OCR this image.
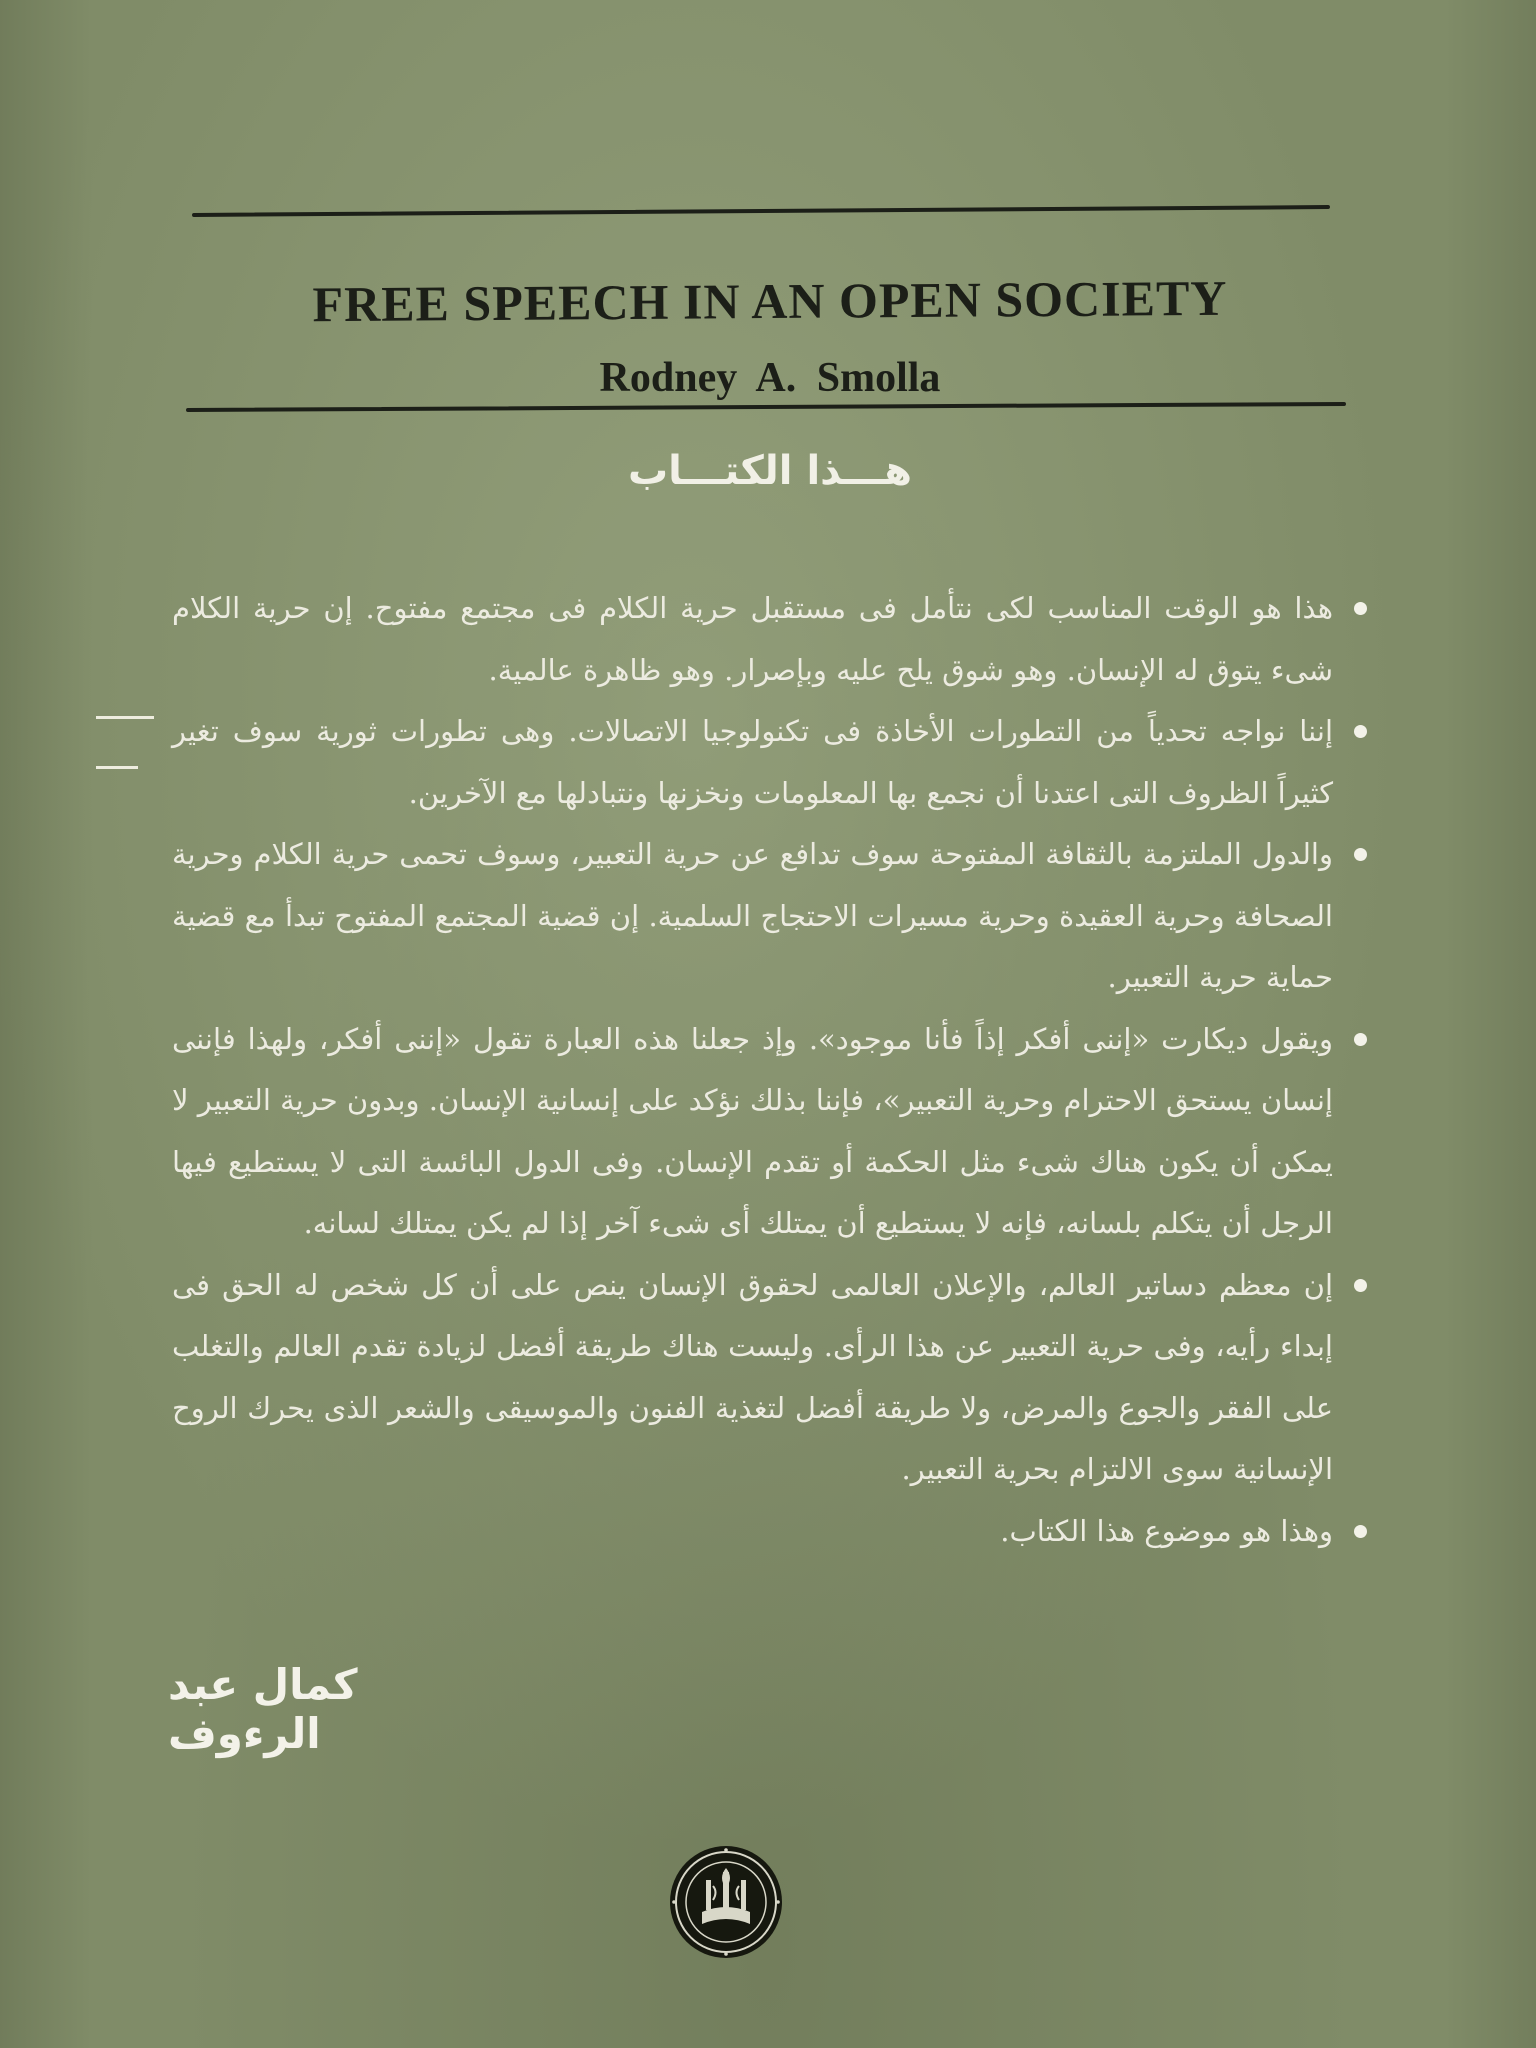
FREE SPEECH IN AN OPEN SOCIETY
Rodney A. Smolla
هـــذا الكتـــاب

هذا هو الوقت المناسب لكى نتأمل فى مستقبل حرية الكلام فى مجتمع مفتوح. إن حرية الكلام شىء يتوق له الإنسان. وهو شوق يلح عليه وبإصرار. وهو ظاهرة عالمية.

إننا نواجه تحدياً من التطورات الأخاذة فى تكنولوجيا الاتصالات. وهى تطورات ثورية سوف تغير كثيراً الظروف التى اعتدنا أن نجمع بها المعلومات ونخزنها ونتبادلها مع الآخرين.

والدول الملتزمة بالثقافة المفتوحة سوف تدافع عن حرية التعبير، وسوف تحمى حرية الكلام وحرية الصحافة وحرية العقيدة وحرية مسيرات الاحتجاج السلمية. إن قضية المجتمع المفتوح تبدأ مع قضية حماية حرية التعبير.

ويقول ديكارت «إننى أفكر إذاً فأنا موجود». وإذ جعلنا هذه العبارة تقول «إننى أفكر، ولهذا فإننى إنسان يستحق الاحترام وحرية التعبير»، فإننا بذلك نؤكد على إنسانية الإنسان. وبدون حرية التعبير لا يمكن أن يكون هناك شىء مثل الحكمة أو تقدم الإنسان. وفى الدول البائسة التى لا يستطيع فيها الرجل أن يتكلم بلسانه، فإنه لا يستطيع أن يمتلك أى شىء آخر إذا لم يكن يمتلك لسانه.

إن معظم دساتير العالم، والإعلان العالمى لحقوق الإنسان ينص على أن كل شخص له الحق فى إبداء رأيه، وفى حرية التعبير عن هذا الرأى. وليست هناك طريقة أفضل لزيادة تقدم العالم والتغلب على الفقر والجوع والمرض، ولا طريقة أفضل لتغذية الفنون والموسيقى والشعر الذى يحرك الروح الإنسانية سوى الالتزام بحرية التعبير.

وهذا هو موضوع هذا الكتاب.

كمال عبد الرءوف
